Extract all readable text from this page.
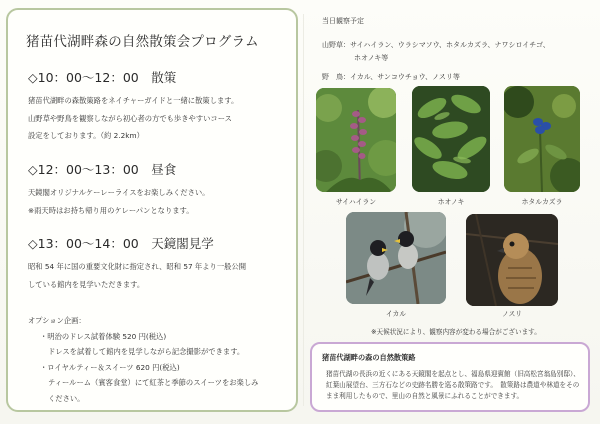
猪苗代湖畔森の自然散策会プログラム
◇10：00〜12：00　散策
猪苗代湖畔の森散策路をネイチャーガイドと一緒に散策します。
山野草や野鳥を観察しながら初心者の方でも歩きやすいコース
設定をしております。（約 2.2km）
◇12：00〜13：00　昼食
天鏡閣オリジナルケーレーライスをお楽しみください。
※雨天時はお持ち帰り用のケレーパンとなります。
◇13：00〜14：00　天鏡閣見学
昭和 54 年に国の重要文化財に指定され、昭和 57 年より一般公開
している館内を見学いただきます。
オプション企画：
・明治のドレス試着体験 520 円(税込)
ドレスを試着して館内を見学しながら記念撮影ができます。
・ロイヤルティー＆スイーツ 620 円(税込)
ティールーム（賓客食堂）にて紅茶と季節のスイーツをお楽しみ
ください。
当日観察予定
山野草：サイハイラン、ウラシマソウ、ホタルカズラ、ナワシロイチゴ、
ホオノキ等
野　鳥：イカル、サンコウチョウ、ノスリ等
サイハイラン	ホオノキ	ホタルカズラ
イカル	ノスリ
※天候状況により、観察内容が変わる場合がございます。
猪苗代湖畔の森の自然散策路
猪苗代湖の長浜の近くにある天鏡閣を起点とし、福島県迎賓館（旧高松宮翁島別邸）、紅葉山展望台、三方石などの史跡名勝を巡る散策路です。　散策路は農道や林道をそのまま利用したもので、里山の自然と風景にふれることができます。
